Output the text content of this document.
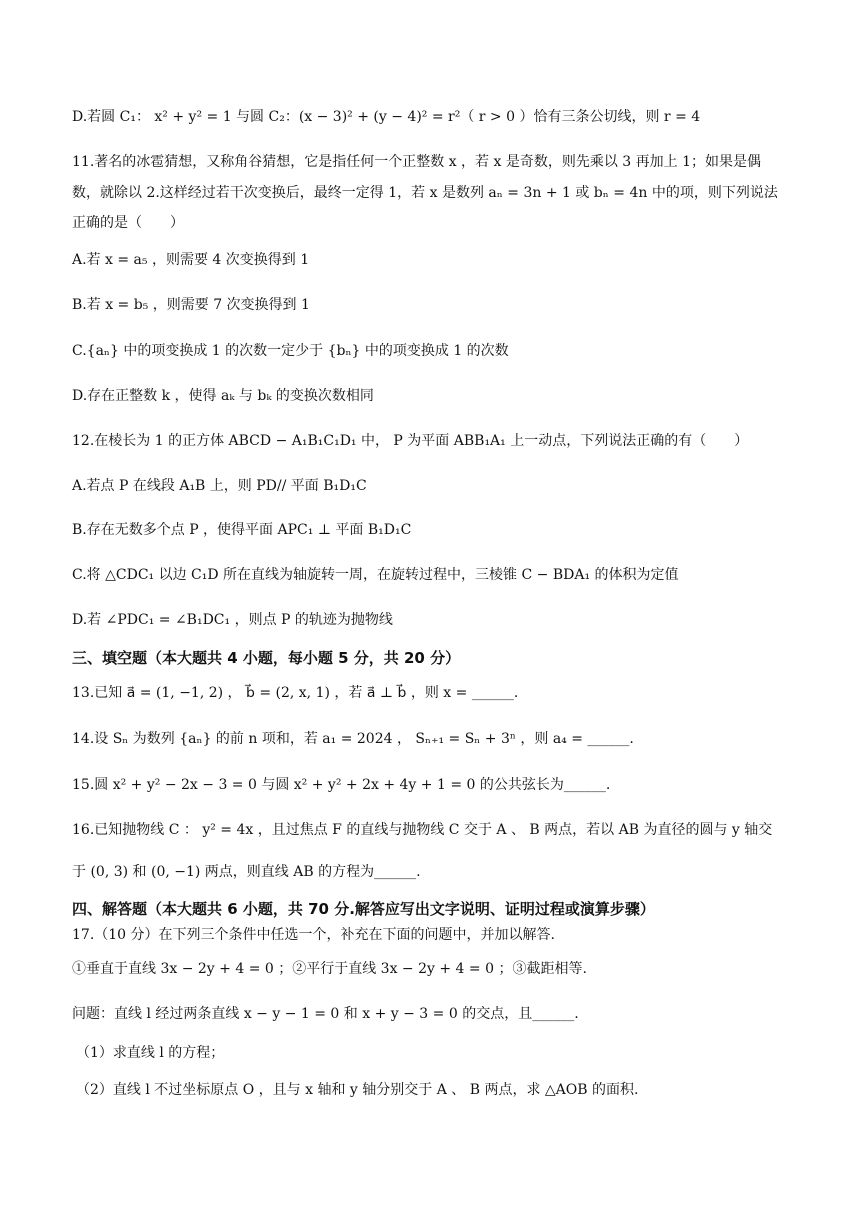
D.若圆 C₁： x² + y² = 1 与圆 C₂：(x − 3)² + (y − 4)² = r²（ r > 0 ）恰有三条公切线，则 r = 4
11.著名的冰雹猜想，又称角谷猜想，它是指任何一个正整数 x ，若 x 是奇数，则先乘以 3 再加上 1；如果是偶
数，就除以 2.这样经过若干次变换后，最终一定得 1，若 x 是数列 aₙ = 3n + 1 或 bₙ = 4n 中的项，则下列说法
正确的是（　　）
A.若 x = a₅ ，则需要 4 次变换得到 1
B.若 x = b₅ ，则需要 7 次变换得到 1
C.{aₙ} 中的项变换成 1 的次数一定少于 {bₙ} 中的项变换成 1 的次数
D.存在正整数 k ，使得 aₖ 与 bₖ 的变换次数相同
12.在棱长为 1 的正方体 ABCD − A₁B₁C₁D₁ 中， P 为平面 ABB₁A₁ 上一动点，下列说法正确的有（　　）
A.若点 P 在线段 A₁B 上，则 PD// 平面 B₁D₁C
B.存在无数多个点 P ，使得平面 APC₁ ⊥ 平面 B₁D₁C
C.将 △CDC₁ 以边 C₁D 所在直线为轴旋转一周，在旋转过程中，三棱锥 C − BDA₁ 的体积为定值
D.若 ∠PDC₁ = ∠B₁DC₁ ，则点 P 的轨迹为抛物线
三、填空题（本大题共 4 小题，每小题 5 分，共 20 分）
13.已知 a⃗ = (1, −1, 2) ， b⃗ = (2, x, 1) ，若 a⃗ ⊥ b⃗ ，则 x = ______.
14.设 Sₙ 为数列 {aₙ} 的前 n 项和，若 a₁ = 2024 ， Sₙ₊₁ = Sₙ + 3ⁿ ，则 a₄ = ______.
15.圆 x² + y² − 2x − 3 = 0 与圆 x² + y² + 2x + 4y + 1 = 0 的公共弦长为______.
16.已知抛物线 C ： y² = 4x ，且过焦点 F 的直线与抛物线 C 交于 A 、 B 两点，若以 AB 为直径的圆与 y 轴交
于 (0, 3) 和 (0, −1) 两点，则直线 AB 的方程为______.
四、解答题（本大题共 6 小题，共 70 分.解答应写出文字说明、证明过程或演算步骤）
17.（10 分）在下列三个条件中任选一个，补充在下面的问题中，并加以解答.
①垂直于直线 3x − 2y + 4 = 0 ；②平行于直线 3x − 2y + 4 = 0 ；③截距相等.
问题：直线 l 经过两条直线 x − y − 1 = 0 和 x + y − 3 = 0 的交点，且______.
（1）求直线 l 的方程；
（2）直线 l 不过坐标原点 O ，且与 x 轴和 y 轴分别交于 A 、 B 两点，求 △AOB 的面积.
